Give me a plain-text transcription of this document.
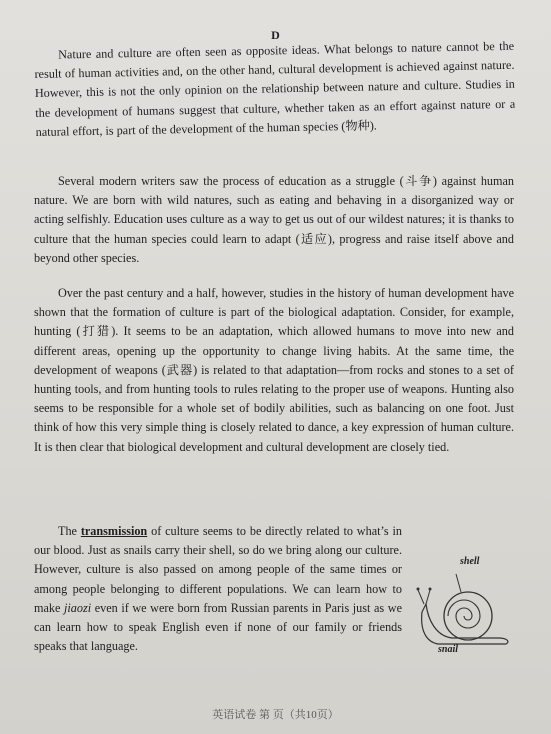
D
Nature and culture are often seen as opposite ideas. What belongs to nature cannot be the result of human activities and, on the other hand, cultural development is achieved against nature. However, this is not the only opinion on the relationship between nature and culture. Studies in the development of humans suggest that culture, whether taken as an effort against nature or a natural effort, is part of the development of the human species (物种).
Several modern writers saw the process of education as a struggle (斗争) against human nature. We are born with wild natures, such as eating and behaving in a disorganized way or acting selfishly. Education uses culture as a way to get us out of our wildest natures; it is thanks to culture that the human species could learn to adapt (适应), progress and raise itself above and beyond other species.
Over the past century and a half, however, studies in the history of human development have shown that the formation of culture is part of the biological adaptation. Consider, for example, hunting (打猎). It seems to be an adaptation, which allowed humans to move into new and different areas, opening up the opportunity to change living habits. At the same time, the development of weapons (武器) is related to that adaptation—from rocks and stones to a set of hunting tools, and from hunting tools to rules relating to the proper use of weapons. Hunting also seems to be responsible for a whole set of bodily abilities, such as balancing on one foot. Just think of how this very simple thing is closely related to dance, a key expression of human culture. It is then clear that biological development and cultural development are closely tied.
The transmission of culture seems to be directly related to what’s in our blood. Just as snails carry their shell, so do we bring along our culture. However, culture is also passed on among people of the same times or among people belonging to different populations. We can learn how to make jiaozi even if we were born from Russian parents in Paris just as we can learn how to speak English even if none of our family or friends speaks that language.
shell
snail
英语试卷 第 页（共10页）
